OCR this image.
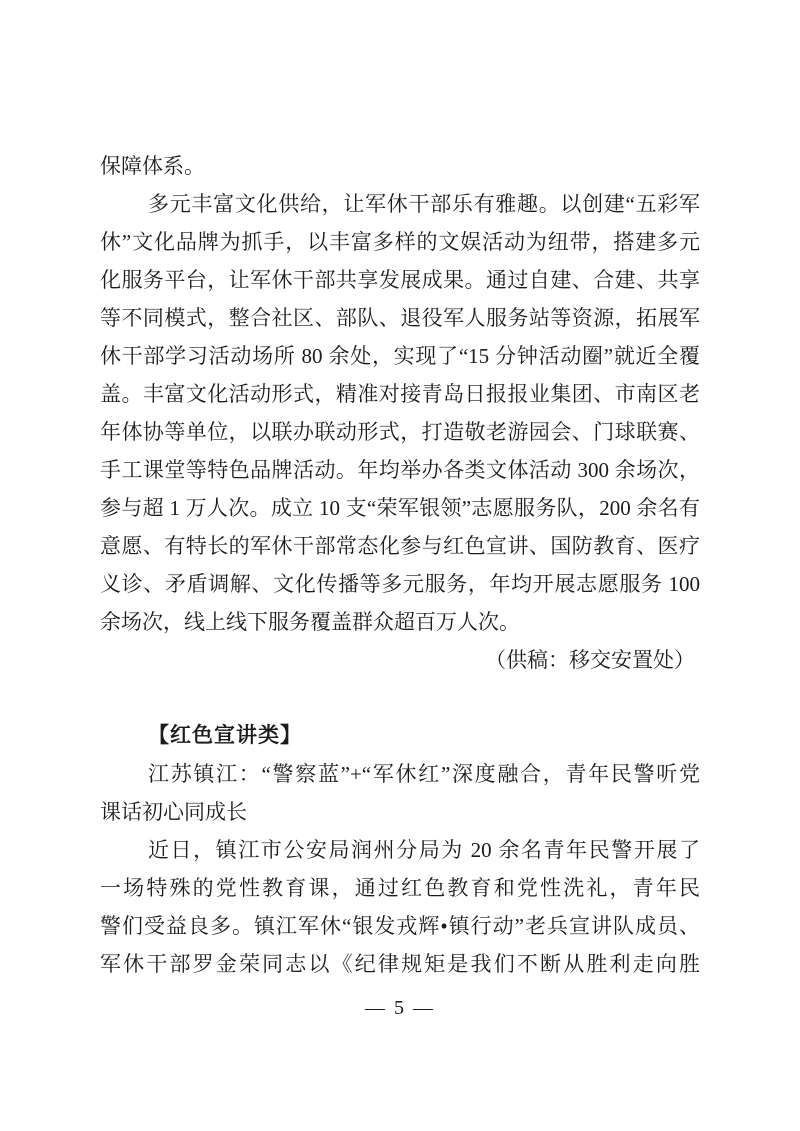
保障体系。
多元丰富文化供给，让军休干部乐有雅趣。以创建“五彩军
休”文化品牌为抓手，以丰富多样的文娱活动为纽带，搭建多元
化服务平台，让军休干部共享发展成果。通过自建、合建、共享
等不同模式，整合社区、部队、退役军人服务站等资源，拓展军
休干部学习活动场所 80 余处，实现了“15 分钟活动圈”就近全覆
盖。丰富文化活动形式，精准对接青岛日报报业集团、市南区老
年体协等单位，以联办联动形式，打造敬老游园会、门球联赛、
手工课堂等特色品牌活动。年均举办各类文体活动 300 余场次，
参与超 1 万人次。成立 10 支“荣军银领”志愿服务队，200 余名有
意愿、有特长的军休干部常态化参与红色宣讲、国防教育、医疗
义诊、矛盾调解、文化传播等多元服务，年均开展志愿服务 100
余场次，线上线下服务覆盖群众超百万人次。
（供稿：移交安置处）
【红色宣讲类】
江苏镇江：“警察蓝”+“军休红”深度融合，青年民警听党
课话初心同成长
近日，镇江市公安局润州分局为 20 余名青年民警开展了
一场特殊的党性教育课，通过红色教育和党性洗礼，青年民
警们受益良多。镇江军休“银发戎辉•镇行动”老兵宣讲队成员、
军休干部罗金荣同志以《纪律规矩是我们不断从胜利走向胜
— 5 —
